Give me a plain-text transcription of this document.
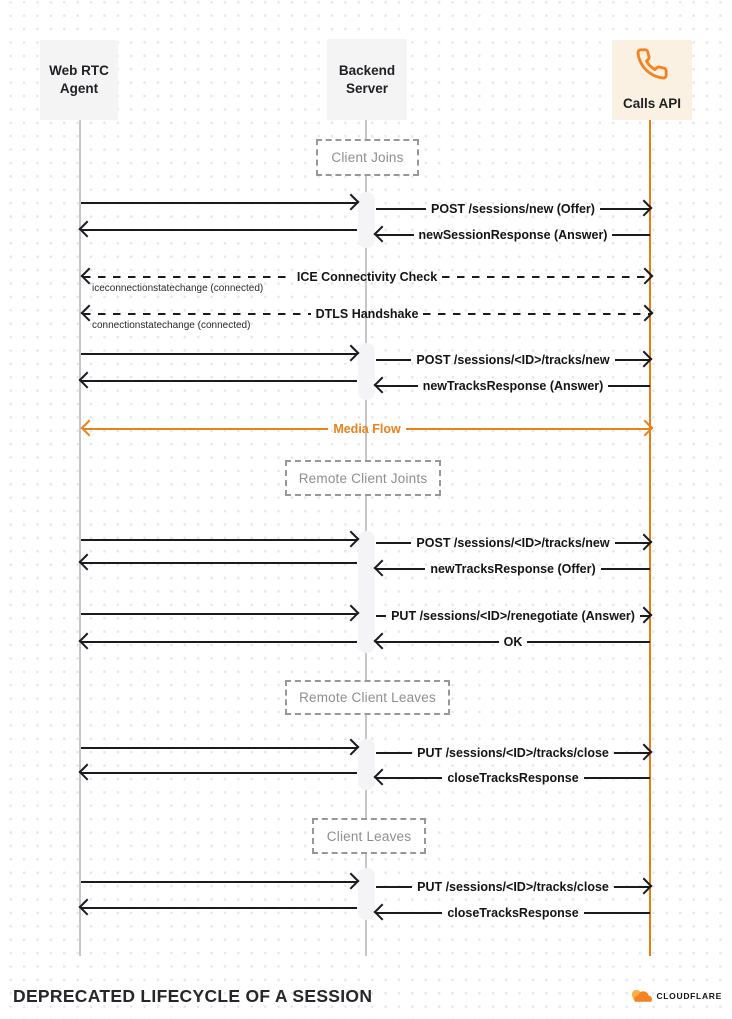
POST /sessions/new (Offer)
newSessionResponse (Answer)
ICE Connectivity Check
iceconnectionstatechange (connected)
DTLS Handshake
connectionstatechange (connected)
POST /sessions/<ID>/tracks/new
newTracksResponse (Answer)
Media Flow
POST /sessions/<ID>/tracks/new
newTracksResponse (Offer)
PUT /sessions/<ID>/renegotiate (Answer)
OK
PUT /sessions/<ID>/tracks/close
closeTracksResponse
PUT /sessions/<ID>/tracks/close
closeTracksResponse
Client Joins
Remote Client Joints
Remote Client Leaves
Client Leaves
Web RTC
Agent
Backend
Server
Calls API
DEPRECATED LIFECYCLE OF A SESSION	CLOUDFLARE
